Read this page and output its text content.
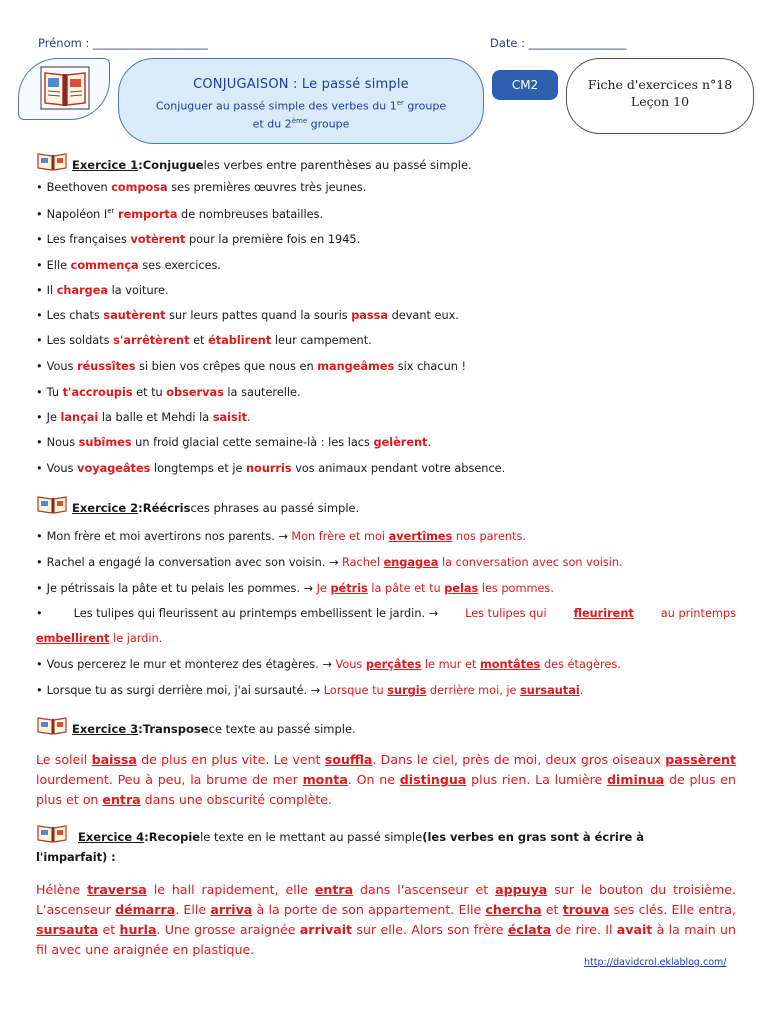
Prénom : ____________________	Date : _________________
CONJUGAISON : Le passé simple
Conjuguer au passé simple des verbes du 1er groupe
et du 2ème groupe
CM2	Fiche d'exercices n°18
Leçon 10
Exercice 1 : Conjugue les verbes entre parenthèses au passé simple.
• Beethoven composa ses premières œuvres très jeunes.
• Napoléon Ier remporta de nombreuses batailles.
• Les françaises votèrent pour la première fois en 1945.
• Elle commença ses exercices.
• Il chargea la voiture.
• Les chats sautèrent sur leurs pattes quand la souris passa devant eux.
• Les soldats s'arrêtèrent et établirent leur campement.
• Vous réussîtes si bien vos crêpes que nous en mangeâmes six chacun !
• Tu t'accroupis et tu observas la sauterelle.
• Je lançai la balle et Mehdi la saisit.
• Nous subîmes un froid glacial cette semaine-là : les lacs gelèrent.
• Vous voyageâtes longtemps et je nourris vos animaux pendant votre absence.
Exercice 2 : Réécris ces phrases au passé simple.
• Mon frère et moi avertirons nos parents. → Mon frère et moi avertîmes nos parents.
• Rachel a engagé la conversation avec son voisin. → Rachel engagea la conversation avec son voisin.
• Je pétrissais la pâte et tu pelais les pommes. → Je pétris la pâte et tu pelas les pommes.
•	Les tulipes qui fleurissent au printemps embellissent le jardin. → Les tulipes qui fleurirent au printemps
embellirent le jardin.
• Vous percerez le mur et monterez des étagères. → Vous perçâtes le mur et montâtes des étagères.
• Lorsque tu as surgi derrière moi, j'ai sursauté. → Lorsque tu surgis derrière moi, je sursautai.
Exercice 3 : Transpose ce texte au passé simple.
Le soleil baissa de plus en plus vite. Le vent souffla. Dans le ciel, près de moi, deux gros oiseaux passèrent lourdement. Peu à peu, la brume de mer monta. On ne distingua plus rien. La lumière diminua de plus en plus et on entra dans une obscurité complète.
Exercice 4 : Recopie le texte en le mettant au passé simple (les verbes en gras sont à écrire à
l'imparfait) :
Hélène traversa le hall rapidement, elle entra dans l'ascenseur et appuya sur le bouton du troisième. L'ascenseur démarra. Elle arriva à la porte de son appartement. Elle chercha et trouva ses clés. Elle entra, sursauta et hurla. Une grosse araignée arrivait sur elle. Alors son frère éclata de rire. Il avait à la main un fil avec une araignée en plastique.
http://davidcrol.eklablog.com/
